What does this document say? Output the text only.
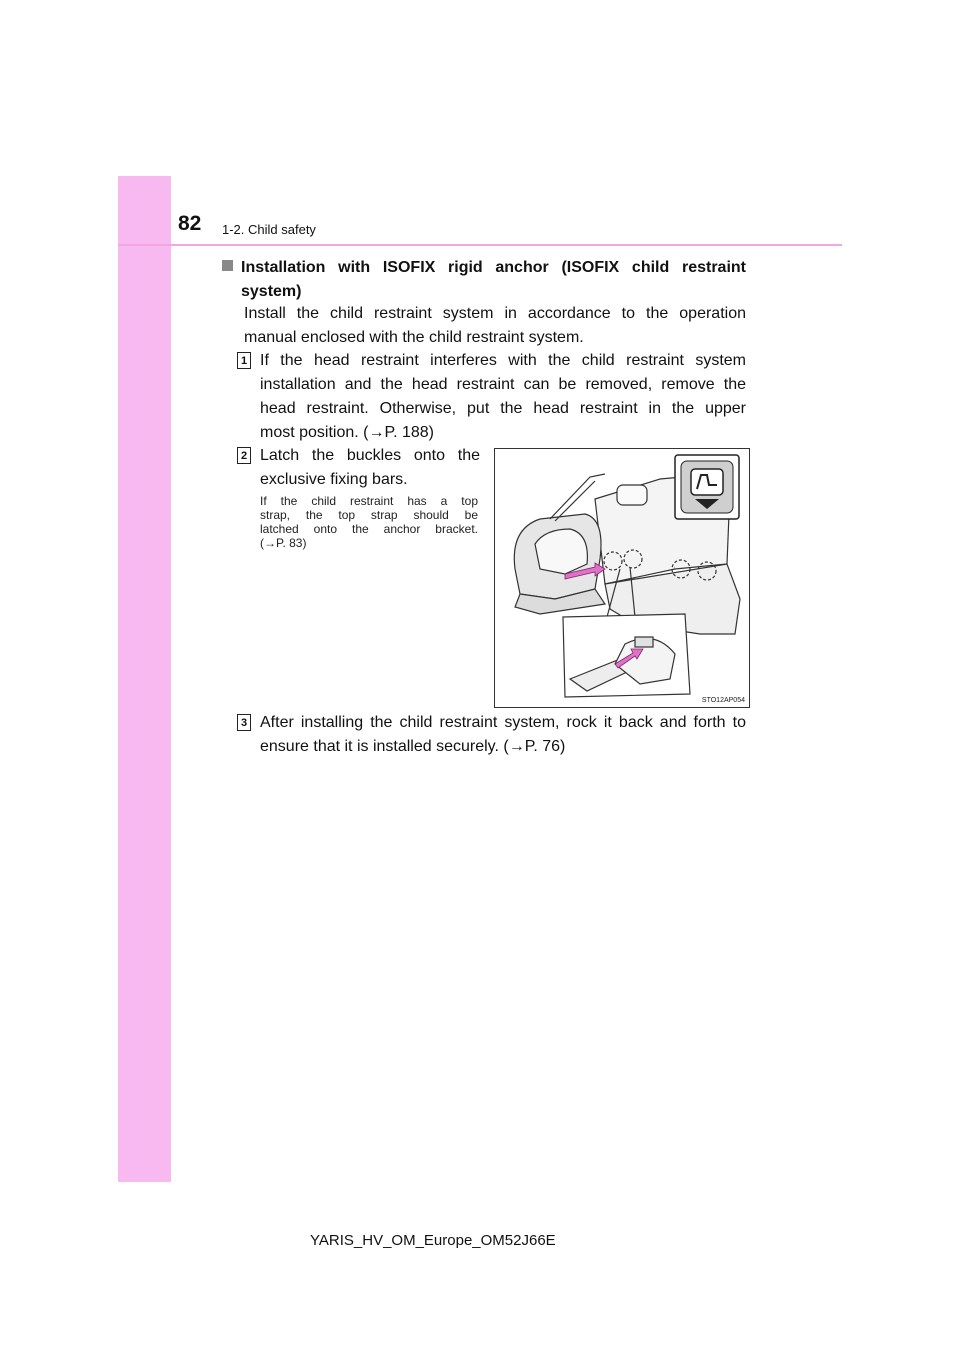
82 1-2. Child safety
Installation with ISOFIX rigid anchor (ISOFIX child restraint
system)
Install the child restraint system in accordance to the operation
manual enclosed with the child restraint system.
1 If the head restraint interferes with the child restraint system
installation and the head restraint can be removed, remove the
head restraint. Otherwise, put the head restraint in the upper
most position. (→P. 188)
2 Latch the buckles onto the
exclusive fixing bars.
If the child restraint has a top
strap, the top strap should be
latched onto the anchor bracket.
(→P. 83)
STO12AP054
3 After installing the child restraint system, rock it back and forth to
ensure that it is installed securely. (→P. 76)
YARIS_HV_OM_Europe_OM52J66E
